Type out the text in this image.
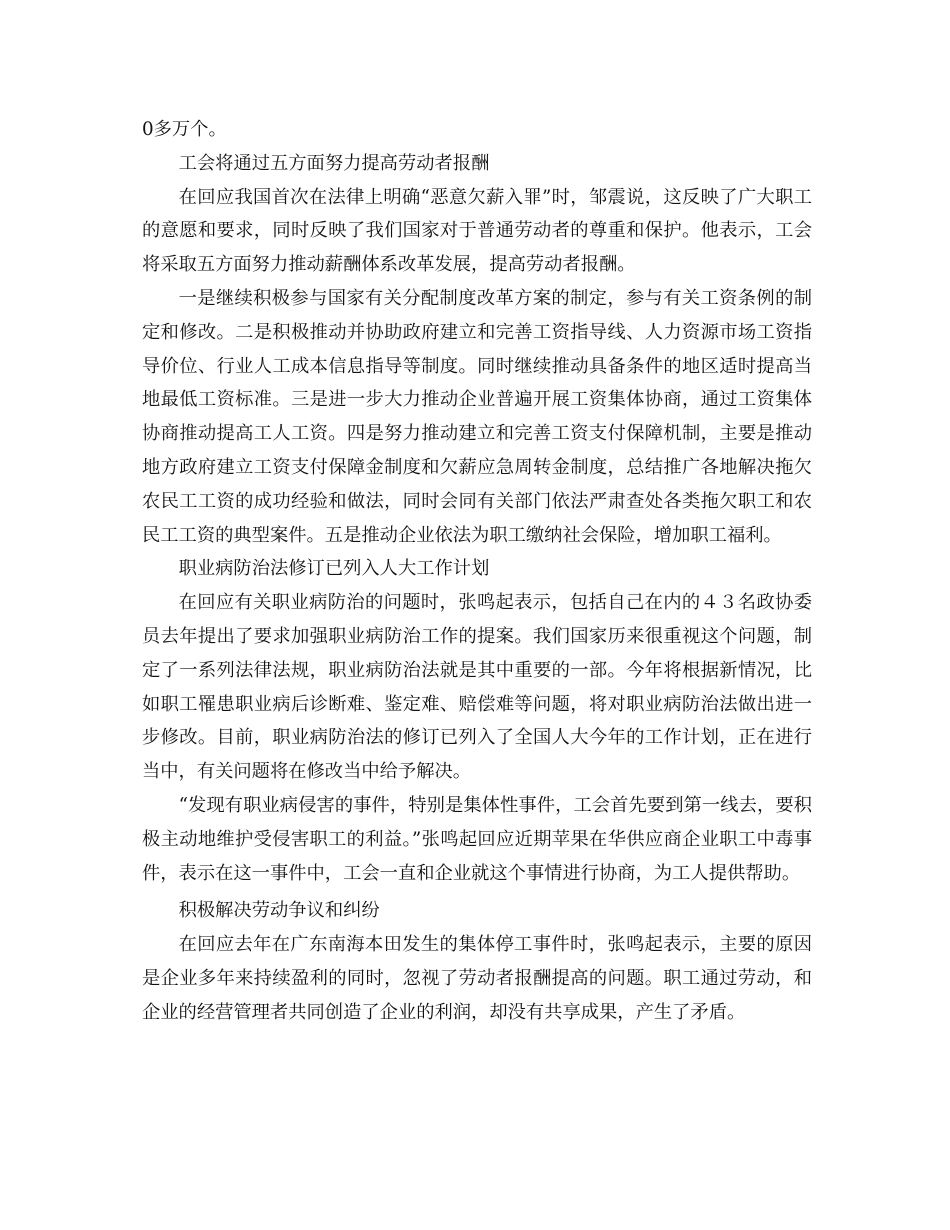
0多万个。

工会将通过五方面努力提高劳动者报酬

在回应我国首次在法律上明确“恶意欠薪入罪”时，邹震说，这反映了广大职工的意愿和要求，同时反映了我们国家对于普通劳动者的尊重和保护。他表示，工会将采取五方面努力推动薪酬体系改革发展，提高劳动者报酬。

一是继续积极参与国家有关分配制度改革方案的制定，参与有关工资条例的制定和修改。二是积极推动并协助政府建立和完善工资指导线、人力资源市场工资指导价位、行业人工成本信息指导等制度。同时继续推动具备条件的地区适时提高当地最低工资标准。三是进一步大力推动企业普遍开展工资集体协商，通过工资集体协商推动提高工人工资。四是努力推动建立和完善工资支付保障机制，主要是推动地方政府建立工资支付保障金制度和欠薪应急周转金制度，总结推广各地解决拖欠农民工工资的成功经验和做法，同时会同有关部门依法严肃查处各类拖欠职工和农民工工资的典型案件。五是推动企业依法为职工缴纳社会保险，增加职工福利。

职业病防治法修订已列入人大工作计划

在回应有关职业病防治的问题时，张鸣起表示，包括自己在内的４３名政协委员去年提出了要求加强职业病防治工作的提案。我们国家历来很重视这个问题，制定了一系列法律法规，职业病防治法就是其中重要的一部。今年将根据新情况，比如职工罹患职业病后诊断难、鉴定难、赔偿难等问题，将对职业病防治法做出进一步修改。目前，职业病防治法的修订已列入了全国人大今年的工作计划，正在进行当中，有关问题将在修改当中给予解决。

“发现有职业病侵害的事件，特别是集体性事件，工会首先要到第一线去，要积极主动地维护受侵害职工的利益。”张鸣起回应近期苹果在华供应商企业职工中毒事件，表示在这一事件中，工会一直和企业就这个事情进行协商，为工人提供帮助。

积极解决劳动争议和纠纷

在回应去年在广东南海本田发生的集体停工事件时，张鸣起表示，主要的原因是企业多年来持续盈利的同时，忽视了劳动者报酬提高的问题。职工通过劳动，和企业的经营管理者共同创造了企业的利润，却没有共享成果，产生了矛盾。
